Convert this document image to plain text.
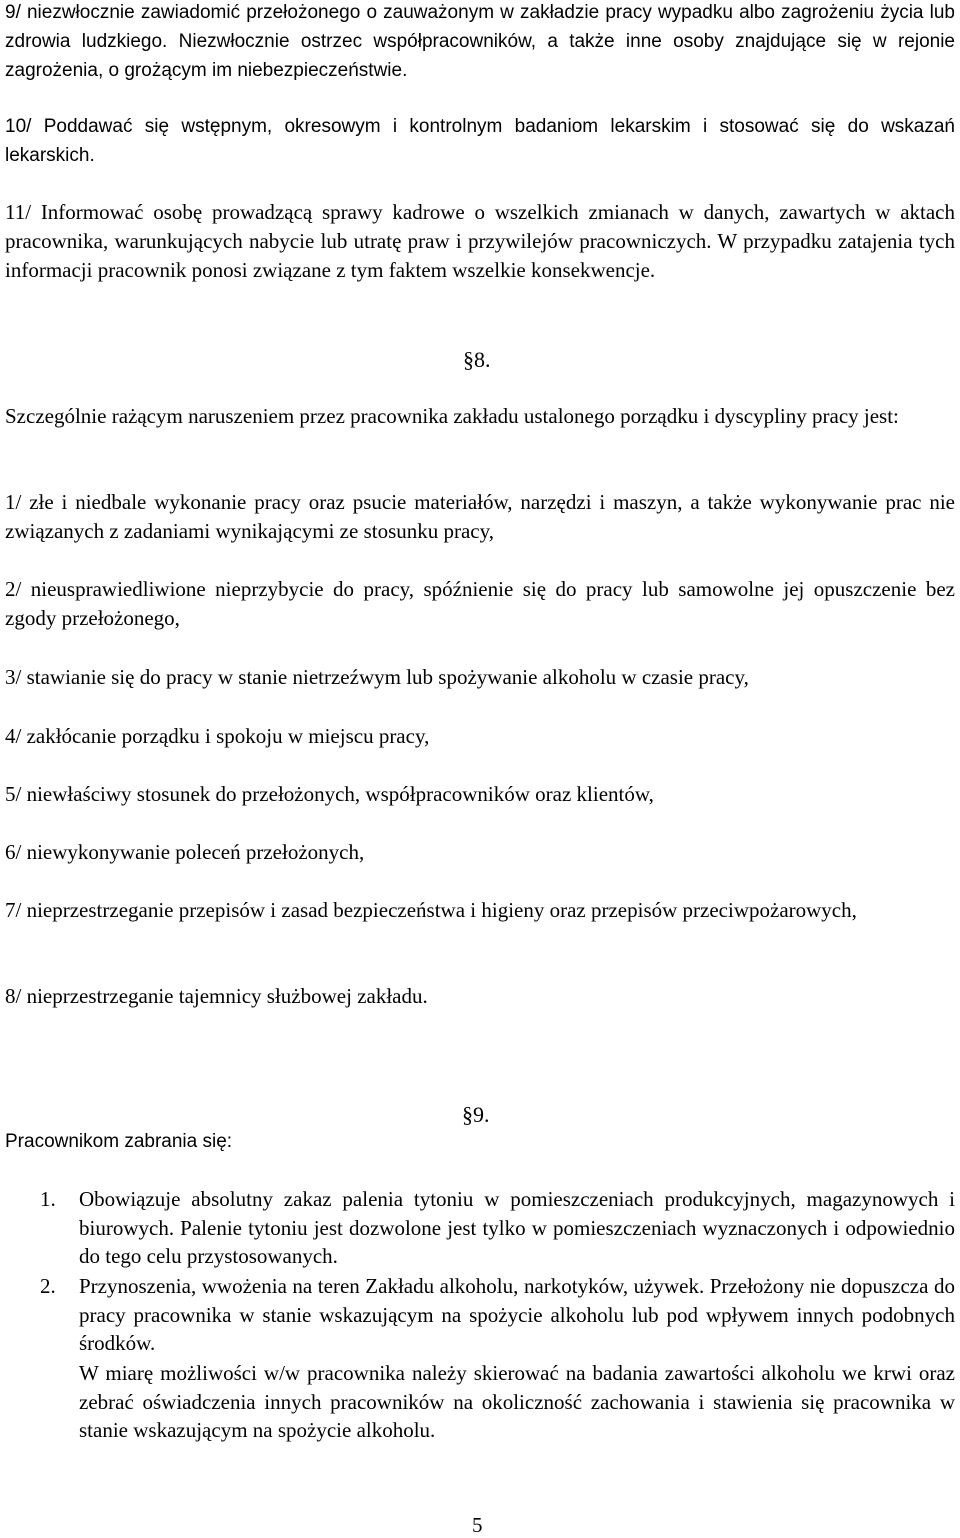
9/ niezwłocznie zawiadomić przełożonego o zauważonym w zakładzie pracy wypadku albo zagrożeniu życia lub zdrowia ludzkiego. Niezwłocznie ostrzec współpracowników, a także inne osoby znajdujące się w rejonie zagrożenia, o grożącym im niebezpieczeństwie.

10/ Poddawać się wstępnym, okresowym i kontrolnym badaniom lekarskim i stosować się do wskazań lekarskich.

11/ Informować osobę prowadzącą sprawy kadrowe o wszelkich zmianach w danych, zawartych w aktach pracownika, warunkujących nabycie lub utratę praw i przywilejów pracowniczych. W przypadku zatajenia tych informacji pracownik ponosi związane z tym faktem wszelkie konsekwencje.

§8.

Szczególnie rażącym naruszeniem przez pracownika zakładu ustalonego porządku i dyscypliny pracy jest:

1/ złe i niedbale wykonanie pracy oraz psucie materiałów, narzędzi i maszyn, a także wykonywanie prac nie związanych z zadaniami wynikającymi ze stosunku pracy,

2/ nieusprawiedliwione nieprzybycie do pracy, spóźnienie się do pracy lub samowolne jej opuszczenie bez zgody przełożonego,

3/ stawianie się do pracy w stanie nietrzeźwym lub spożywanie alkoholu w czasie pracy,

4/ zakłócanie porządku i spokoju w miejscu pracy,

5/ niewłaściwy stosunek do przełożonych, współpracowników oraz klientów,

6/ niewykonywanie poleceń przełożonych,

7/ nieprzestrzeganie przepisów i zasad bezpieczeństwa i higieny oraz przepisów przeciwpożarowych,

8/ nieprzestrzeganie tajemnicy służbowej zakładu.

§9.

Pracownikom zabrania się:

1. Obowiązuje absolutny zakaz palenia tytoniu w pomieszczeniach produkcyjnych, magazynowych i biurowych. Palenie tytoniu jest dozwolone jest tylko w pomieszczeniach wyznaczonych i odpowiednio do tego celu przystosowanych.

2. Przynoszenia, wwożenia na teren Zakładu alkoholu, narkotyków, używek. Przełożony nie dopuszcza do pracy pracownika w stanie wskazującym na spożycie alkoholu lub pod wpływem innych podobnych środków.

W miarę możliwości w/w pracownika należy skierować na badania zawartości alkoholu we krwi oraz zebrać oświadczenia innych pracowników na okoliczność zachowania i stawienia się pracownika w stanie wskazującym na spożycie alkoholu.

5
